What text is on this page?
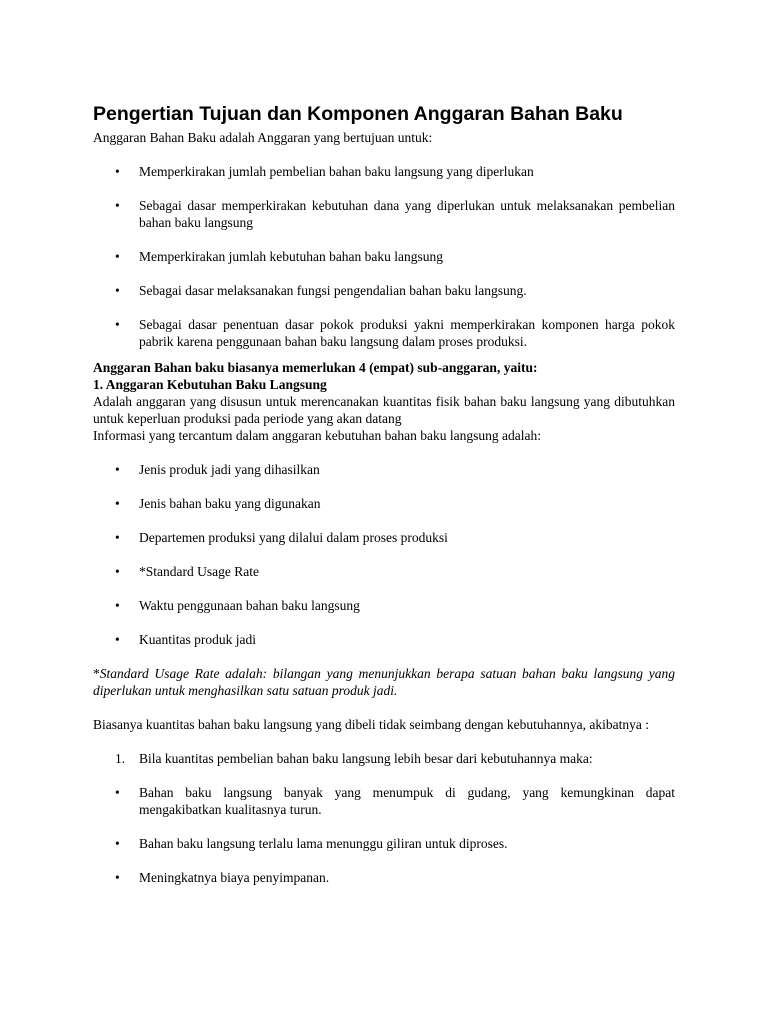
Pengertian Tujuan dan Komponen Anggaran Bahan Baku

Anggaran Bahan Baku adalah Anggaran yang bertujuan untuk:

• Memperkirakan jumlah pembelian bahan baku langsung yang diperlukan
• Sebagai dasar memperkirakan kebutuhan dana yang diperlukan untuk melaksanakan pembelian bahan baku langsung
• Memperkirakan jumlah kebutuhan bahan baku langsung
• Sebagai dasar melaksanakan fungsi pengendalian bahan baku langsung.
• Sebagai dasar penentuan dasar pokok produksi yakni memperkirakan komponen harga pokok pabrik karena penggunaan bahan baku langsung dalam proses produksi.

Anggaran Bahan baku biasanya memerlukan 4 (empat) sub-anggaran, yaitu:

1. Anggaran Kebutuhan Baku Langsung

Adalah anggaran yang disusun untuk merencanakan kuantitas fisik bahan baku langsung yang dibutuhkan untuk keperluan produksi pada periode yang akan datang

Informasi yang tercantum dalam anggaran kebutuhan bahan baku langsung adalah:

• Jenis produk jadi yang dihasilkan
• Jenis bahan baku yang digunakan
• Departemen produksi yang dilalui dalam proses produksi
• *Standard Usage Rate
• Waktu penggunaan bahan baku langsung
• Kuantitas produk jadi

*Standard Usage Rate adalah: bilangan yang menunjukkan berapa satuan bahan baku langsung yang diperlukan untuk menghasilkan satu satuan produk jadi.

Biasanya kuantitas bahan baku langsung yang dibeli tidak seimbang dengan kebutuhannya, akibatnya :

1. Bila kuantitas pembelian bahan baku langsung lebih besar dari kebutuhannya maka:
• Bahan baku langsung banyak yang menumpuk di gudang, yang kemungkinan dapat mengakibatkan kualitasnya turun.
• Bahan baku langsung terlalu lama menunggu giliran untuk diproses.
• Meningkatnya biaya penyimpanan.
